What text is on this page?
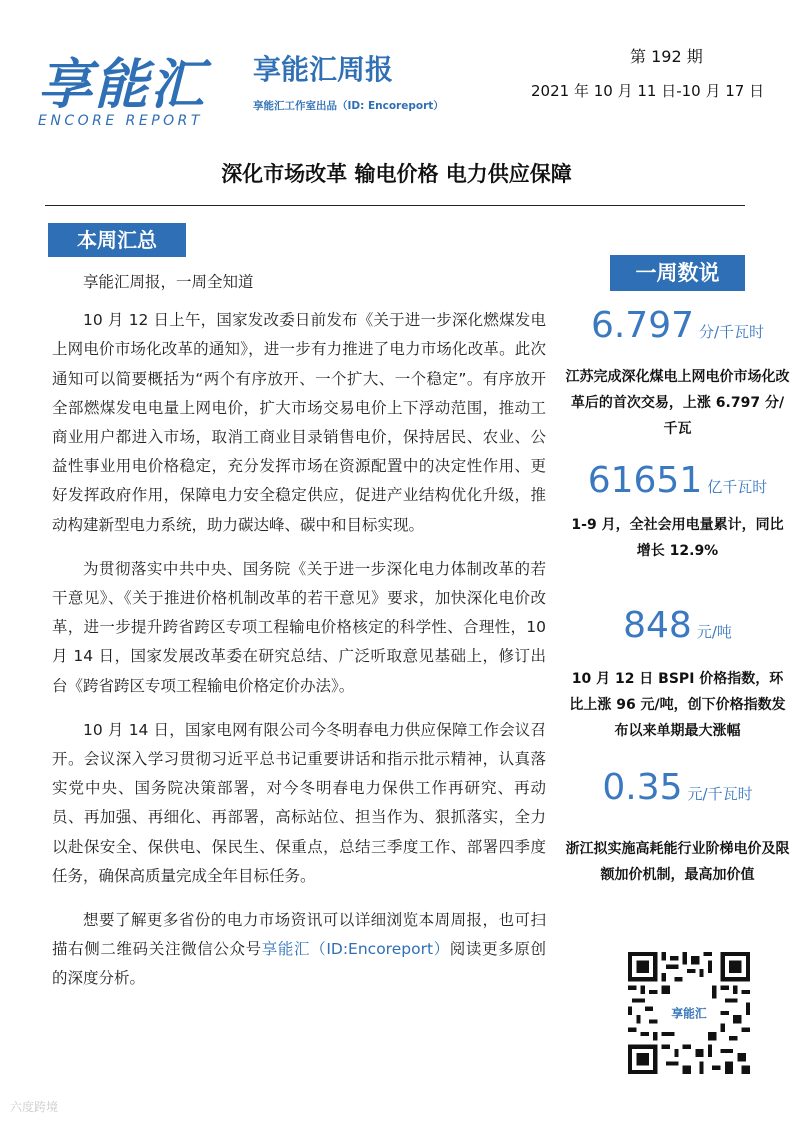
享能汇
ENCORE REPORT
享能汇周报
享能汇工作室出品（ID: Encoreport）
第 192 期
2021 年 10 月 11 日-10 月 17 日
深化市场改革 输电价格 电力供应保障
本周汇总

享能汇周报，一周全知道

10 月 12 日上午，国家发改委日前发布《关于进一步深化燃煤发电上网电价市场化改革的通知》，进一步有力推进了电力市场化改革。此次通知可以简要概括为“两个有序放开、一个扩大、一个稳定”。有序放开全部燃煤发电电量上网电价，扩大市场交易电价上下浮动范围，推动工商业用户都进入市场，取消工商业目录销售电价，保持居民、农业、公益性事业用电价格稳定，充分发挥市场在资源配置中的决定性作用、更好发挥政府作用，保障电力安全稳定供应，促进产业结构优化升级，推动构建新型电力系统，助力碳达峰、碳中和目标实现。

为贯彻落实中共中央、国务院《关于进一步深化电力体制改革的若干意见》、《关于推进价格机制改革的若干意见》要求，加快深化电价改革，进一步提升跨省跨区专项工程输电价格核定的科学性、合理性，10 月 14 日，国家发展改革委在研究总结、广泛听取意见基础上，修订出台《跨省跨区专项工程输电价格定价办法》。

10 月 14 日，国家电网有限公司今冬明春电力供应保障工作会议召开。会议深入学习贯彻习近平总书记重要讲话和指示批示精神，认真落实党中央、国务院决策部署，对今冬明春电力保供工作再研究、再动员、再加强、再细化、再部署，高标站位、担当作为、狠抓落实，全力以赴保安全、保供电、保民生、保重点，总结三季度工作、部署四季度任务，确保高质量完成全年目标任务。

想要了解更多省份的电力市场资讯可以详细浏览本周周报，也可扫描右侧二维码关注微信公众号享能汇（ID:Encoreport）阅读更多原创的深度分析。

一周数说
6.797 分/千瓦时
江苏完成深化煤电上网电价市场化改革后的首次交易，上涨 6.797 分/千瓦
61651 亿千瓦时
1-9 月，全社会用电量累计，同比增长 12.9%
848 元/吨
10 月 12 日 BSPI 价格指数，环比上涨 96 元/吨，创下价格指数发布以来单期最大涨幅
0.35 元/千瓦时
浙江拟实施高耗能行业阶梯电价及限额加价机制，最高加价值
享能汇
六度跨境
